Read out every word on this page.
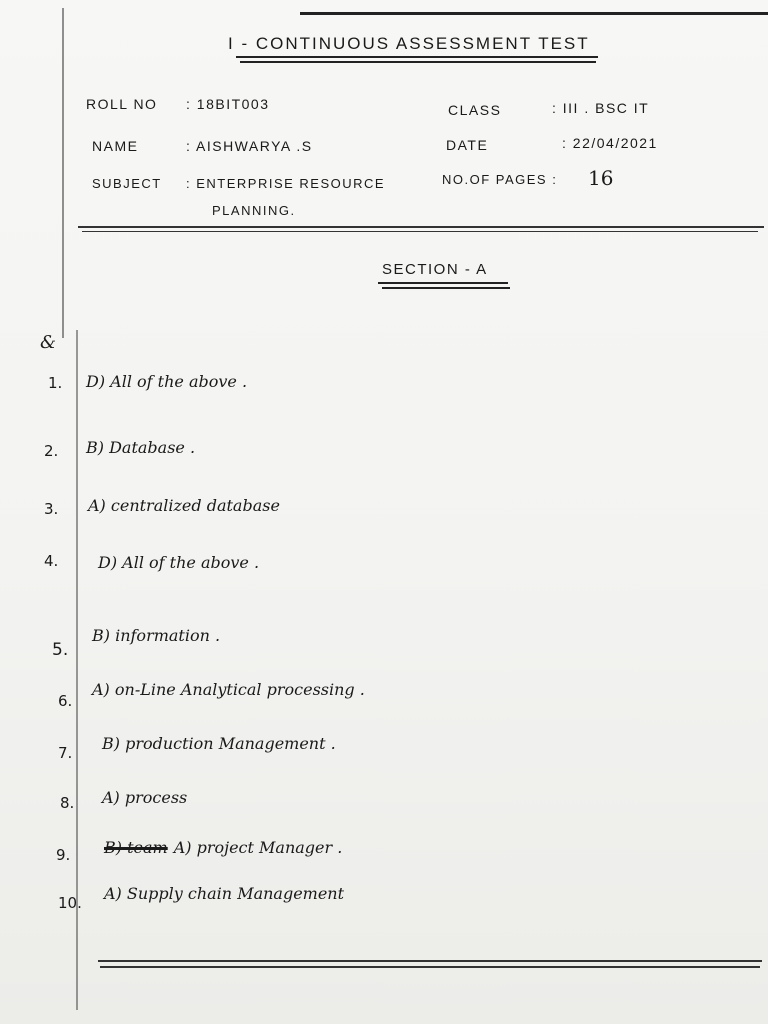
I - CONTINUOUS ASSESSMENT TEST
ROLL NO : 18BIT003
NAME	: AISHWARYA .S
SUBJECT : ENTERPRISE RESOURCE
PLANNING.
CLASS	: III . BSC IT
DATE	: 22/04/2021
NO.OF PAGES : 16
SECTION - A
&
1. D) All of the above .
2. B) Database .
3. A) centralized database
4. D) All of the above .
5.
B) information .
6.
A) on-Line Analytical processing .
7. B) production Management .
8. A) process
9. B) team A) project Manager .
10. A) Supply chain Management
